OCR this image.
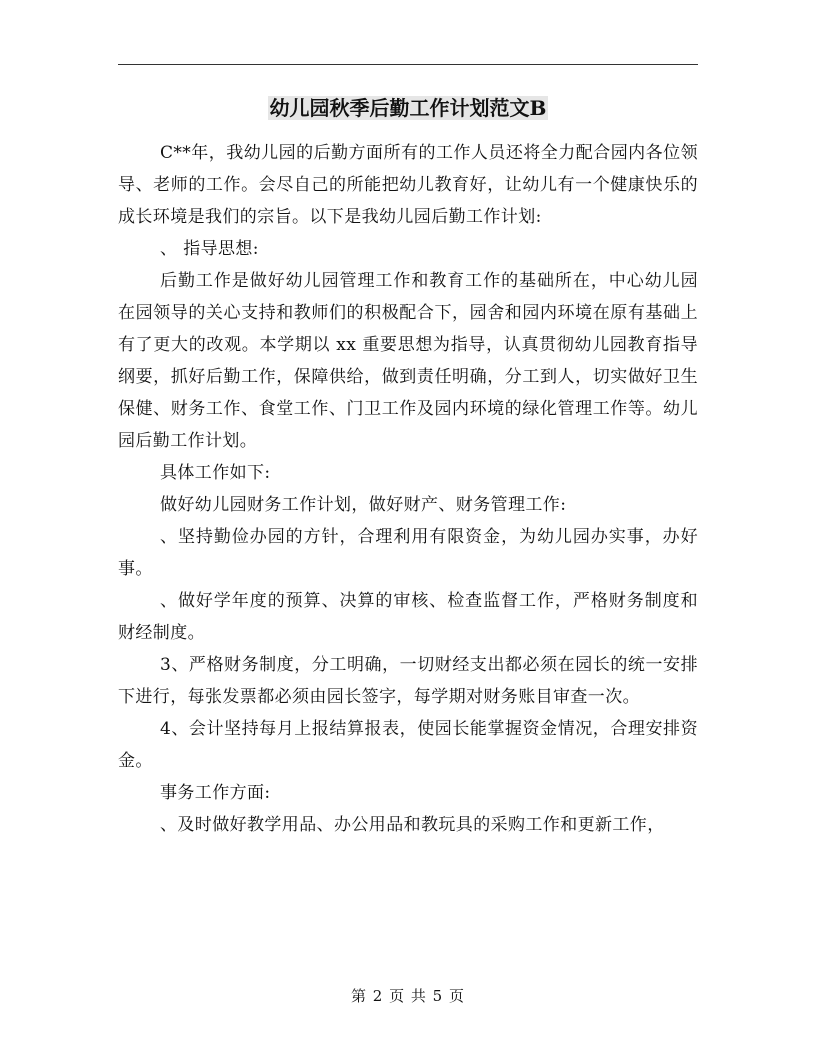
幼儿园秋季后勤工作计划范文B

C**年，我幼儿园的后勤方面所有的工作人员还将全力配合园内各位领导、老师的工作。会尽自己的所能把幼儿教育好，让幼儿有一个健康快乐的成长环境是我们的宗旨。以下是我幼儿园后勤工作计划:

、 指导思想:

后勤工作是做好幼儿园管理工作和教育工作的基础所在，中心幼儿园在园领导的关心支持和教师们的积极配合下，园舍和园内环境在原有基础上有了更大的改观。本学期以 xx 重要思想为指导，认真贯彻幼儿园教育指导纲要，抓好后勤工作，保障供给，做到责任明确，分工到人，切实做好卫生保健、财务工作、食堂工作、门卫工作及园内环境的绿化管理工作等。幼儿园后勤工作计划。

具体工作如下:

做好幼儿园财务工作计划，做好财产、财务管理工作:

、坚持勤俭办园的方针，合理利用有限资金，为幼儿园办实事，办好事。

、做好学年度的预算、决算的审核、检查监督工作，严格财务制度和财经制度。

3、严格财务制度，分工明确，一切财经支出都必须在园长的统一安排下进行，每张发票都必须由园长签字，每学期对财务账目审查一次。

4、会计坚持每月上报结算报表，使园长能掌握资金情况，合理安排资金。

事务工作方面:

、及时做好教学用品、办公用品和教玩具的采购工作和更新工作，

第 2 页 共 5 页
